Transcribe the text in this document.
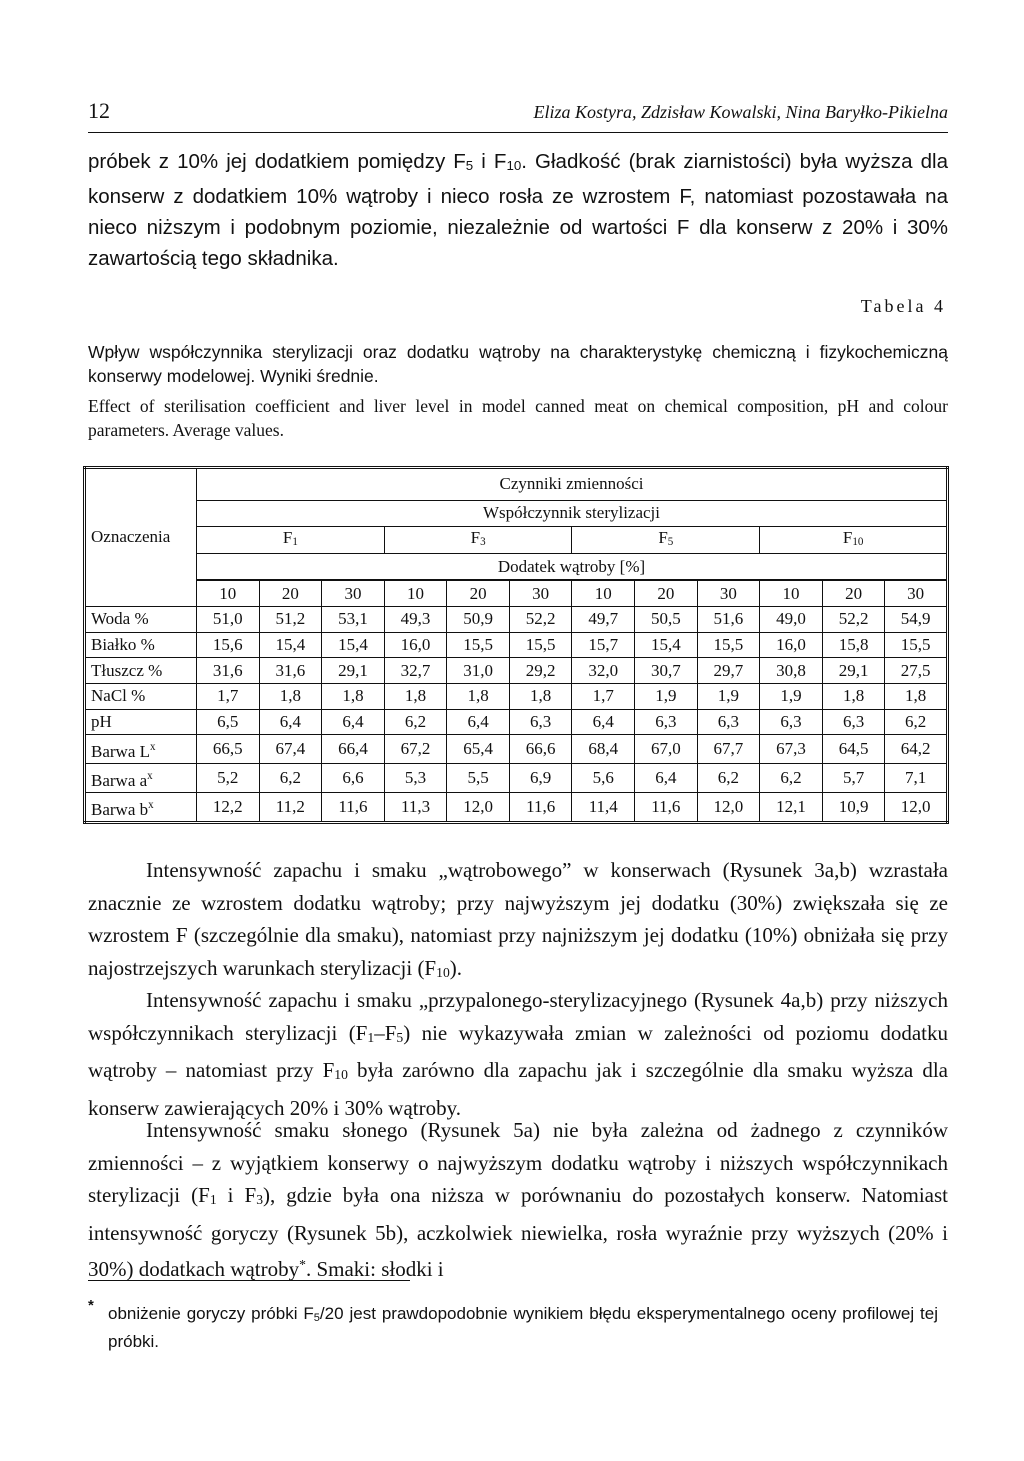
12	Eliza Kostyra, Zdzisław Kowalski, Nina Baryłko-Pikielna

próbek z 10% jej dodatkiem pomiędzy $F_5$ i $F_{10}$. Gładkość (brak ziarnistości) była wyższa dla konserw z dodatkiem 10% wątroby i nieco rosła ze wzrostem F, natomiast pozostawała na nieco niższym i podobnym poziomie, niezależnie od wartości F dla konserw z 20% i 30% zawartością tego składnika.

Tabela 4

Wpływ współczynnika sterylizacji oraz dodatku wątroby na charakterystykę chemiczną i fizykochemiczną konserwy modelowej. Wyniki średnie.

Effect of sterilisation coefficient and liver level in model canned meat on chemical composition, pH and colour parameters. Average values.

Oznaczenia	Czynniki zmienności											
	Współczynnik sterylizacji											
	$F_1$			$F_3$			$F_5$			$F_{10}$
	Dodatek wątroby [%]											
	10	20	30	10	20	30	10	20	30	10	20	30
Woda %	51,0	51,2	53,1	49,3	50,9	52,2	49,7	50,5	51,6	49,0	52,2	54,9
Białko %	15,6	15,4	15,4	16,0	15,5	15,5	15,7	15,4	15,5	16,0	15,8	15,5
Tłuszcz %	31,6	31,6	29,1	32,7	31,0	29,2	32,0	30,7	29,7	30,8	29,1	27,5
NaCl %	1,7	1,8	1,8	1,8	1,8	1,8	1,7	1,9	1,9	1,9	1,8	1,8
pH	6,5	6,4	6,4	6,2	6,4	6,3	6,4	6,3	6,3	6,3	6,3	6,2
Barwa $L^x$	66,5	67,4	66,4	67,2	65,4	66,6	68,4	67,0	67,7	67,3	64,5	64,2
Barwa $a^x$	5,2	6,2	6,6	5,3	5,5	6,9	5,6	6,4	6,2	6,2	5,7	7,1
Barwa $b^x$	12,2	11,2	11,6	11,3	12,0	11,6	11,4	11,6	12,0	12,1	10,9	12,0

Intensywność zapachu i smaku „wątrobowego” w konserwach (Rysunek 3a,b) wzrastała znacznie ze wzrostem dodatku wątroby; przy najwyższym jej dodatku (30%) zwiększała się ze wzrostem F (szczególnie dla smaku), natomiast przy najniższym jej dodatku (10%) obniżała się przy najostrzejszych warunkach sterylizacji $(F_{10})$.

Intensywność zapachu i smaku „przypalonego-sterylizacyjnego (Rysunek 4a,b) przy niższych współczynnikach sterylizacji $(F_1-F_5)$ nie wykazywała zmian w zależności od poziomu dodatku wątroby – natomiast przy $F_{10}$ była zarówno dla zapachu jak i szczególnie dla smaku wyższa dla konserw zawierających 20% i 30% wątroby.

Intensywność smaku słonego (Rysunek 5a) nie była zależna od żadnego z czynników zmienności – z wyjątkiem konserwy o najwyższym dodatku wątroby i niższych współczynnikach sterylizacji ($F_1$ i $F_3$), gdzie była ona niższa w porównaniu do pozostałych konserw. Natomiast intensywność goryczy (Rysunek 5b), aczkolwiek niewielka, rosła wyraźnie przy wyższych (20% i 30%) dodatkach wątroby*. Smaki: słodki i

* obniżenie goryczy próbki $F_5/20$ jest prawdopodobnie wynikiem błędu eksperymentalnego oceny profilowej tej próbki.
